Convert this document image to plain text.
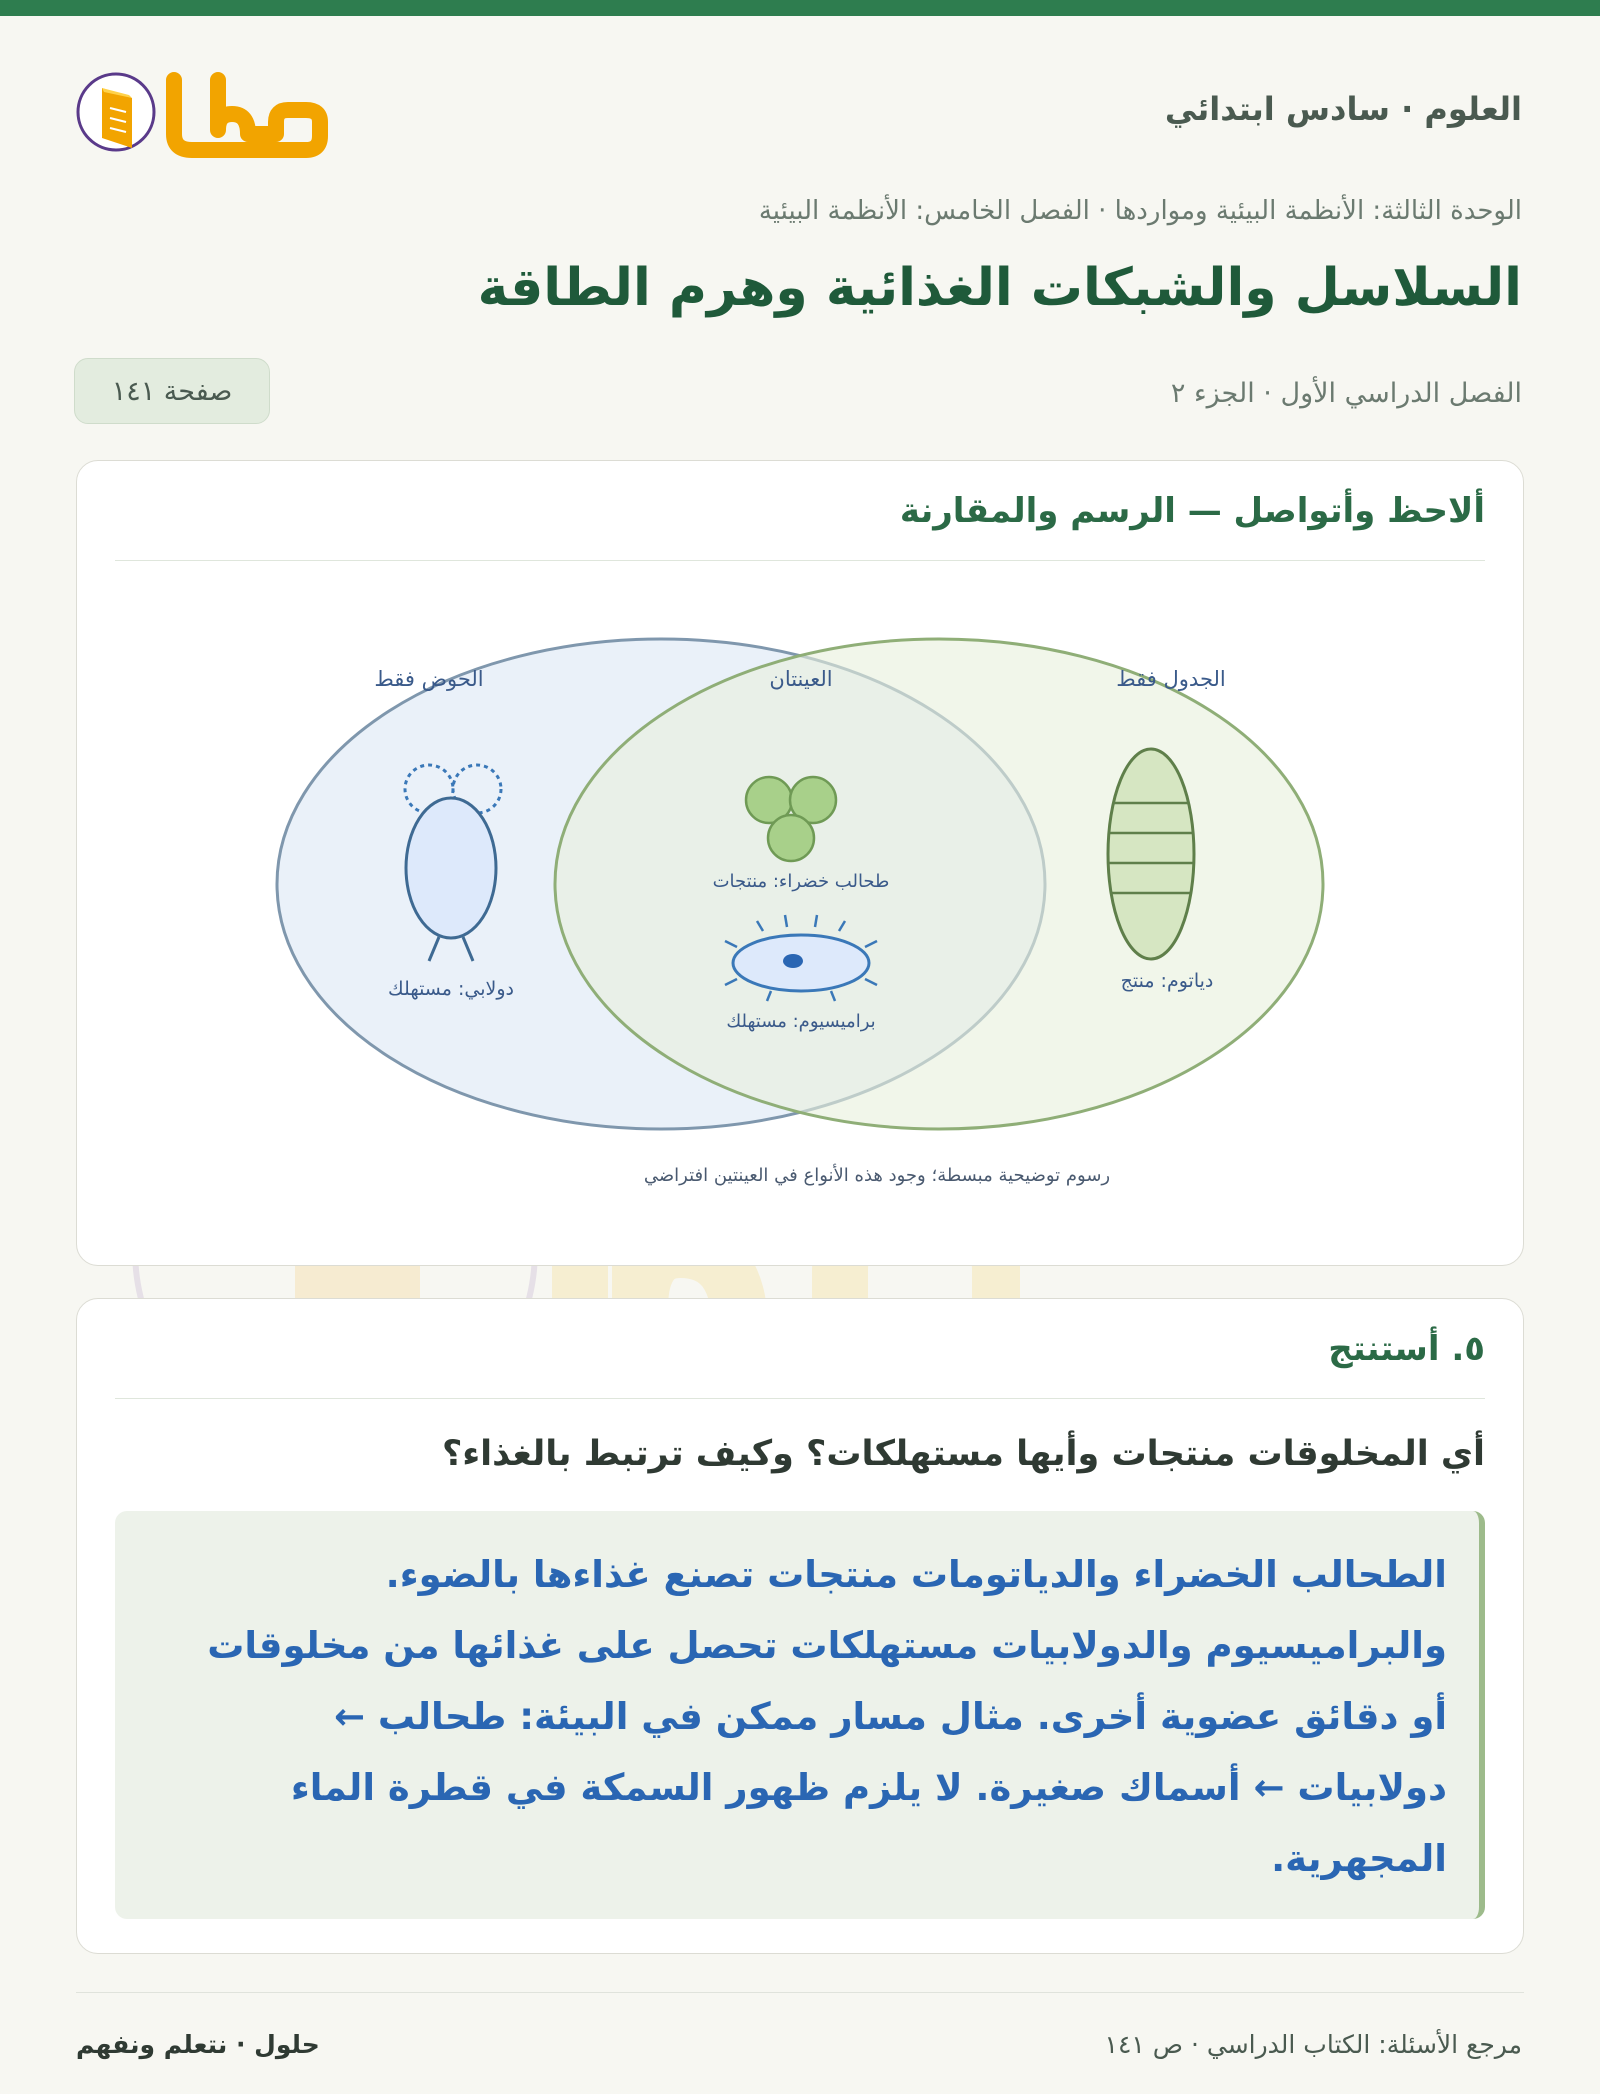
العلوم · سادس ابتدائي
الوحدة الثالثة: الأنظمة البيئية ومواردها · الفصل الخامس: الأنظمة البيئية
السلاسل والشبكات الغذائية وهرم الطاقة
الفصل الدراسي الأول · الجزء ٢
صفحة ١٤١
ألاحظ وأتواصل — الرسم والمقارنة
الحوض فقط	العينتان	الجدول فقط
دولابي: مستهلك
طحالب خضراء: منتجات
براميسيوم: مستهلك
دياتوم: منتج
رسوم توضيحية مبسطة؛ وجود هذه الأنواع في العينتين افتراضي
٥. أستنتج
أي المخلوقات منتجات وأيها مستهلكات؟ وكيف ترتبط بالغذاء؟
الطحالب الخضراء والدياتومات منتجات تصنع غذاءها بالضوء.
والبراميسيوم والدولابيات مستهلكات تحصل على غذائها من مخلوقات
أو دقائق عضوية أخرى. مثال مسار ممكن في البيئة: طحالب ←
دولابيات ← أسماك صغيرة. لا يلزم ظهور السمكة في قطرة الماء
المجهرية.
مرجع الأسئلة: الكتاب الدراسي · ص ١٤١
حلول · نتعلم ونفهم
